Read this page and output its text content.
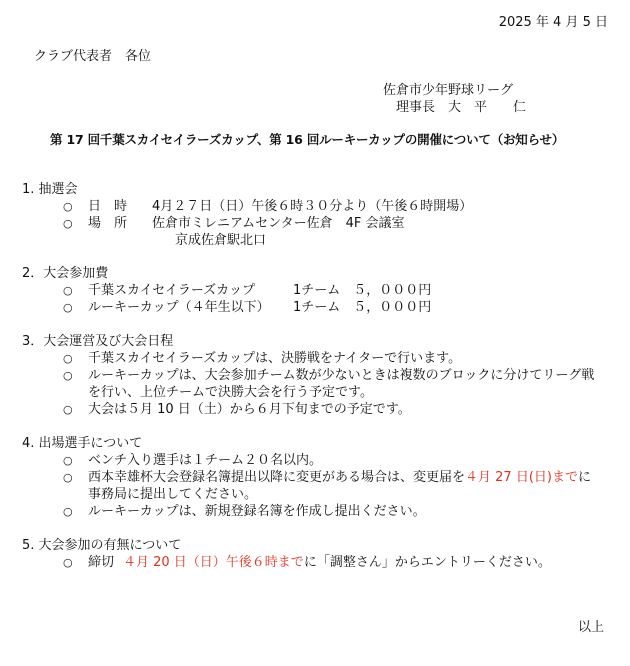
2025 年 4 月 5 日
クラブ代表者　各位
佐倉市少年野球リーグ
理事長　大　平　　仁
第 17 回千葉スカイセイラーズカップ、第 16 回ルーキーカップの開催について（お知らせ）
1. 抽選会
○ 日　時 4月２７日（日）午後６時３０分より（午後６時開場）
○ 場　所 佐倉市ミレニアムセンター佐倉　4F 会議室
京成佐倉駅北口
2．大会参加費
○ 千葉スカイセイラーズカップ	1チーム　５，０００円
○ ルーキーカップ（４年生以下） 1チーム　５，０００円
3．大会運営及び大会日程
○ 千葉スカイセイラーズカップは、決勝戦をナイターで行います。
○ ルーキーカップは、大会参加チーム数が少ないときは複数のブロックに分けてリーグ戦
を行い、上位チームで決勝大会を行う予定です。
○ 大会は５月 10 日（土）から６月下旬までの予定です。
4. 出場選手について
○ ベンチ入り選手は１チーム２０名以内。
○ 西本幸雄杯大会登録名簿提出以降に変更がある場合は、変更届を４月 27 日(日)までに
事務局に提出してください。
○ ルーキーカップは、新規登録名簿を作成し提出ください。
5. 大会参加の有無について
○ 締切 ４月 20 日（日）午後６時までに「調整さん」からエントリーください。
以上
